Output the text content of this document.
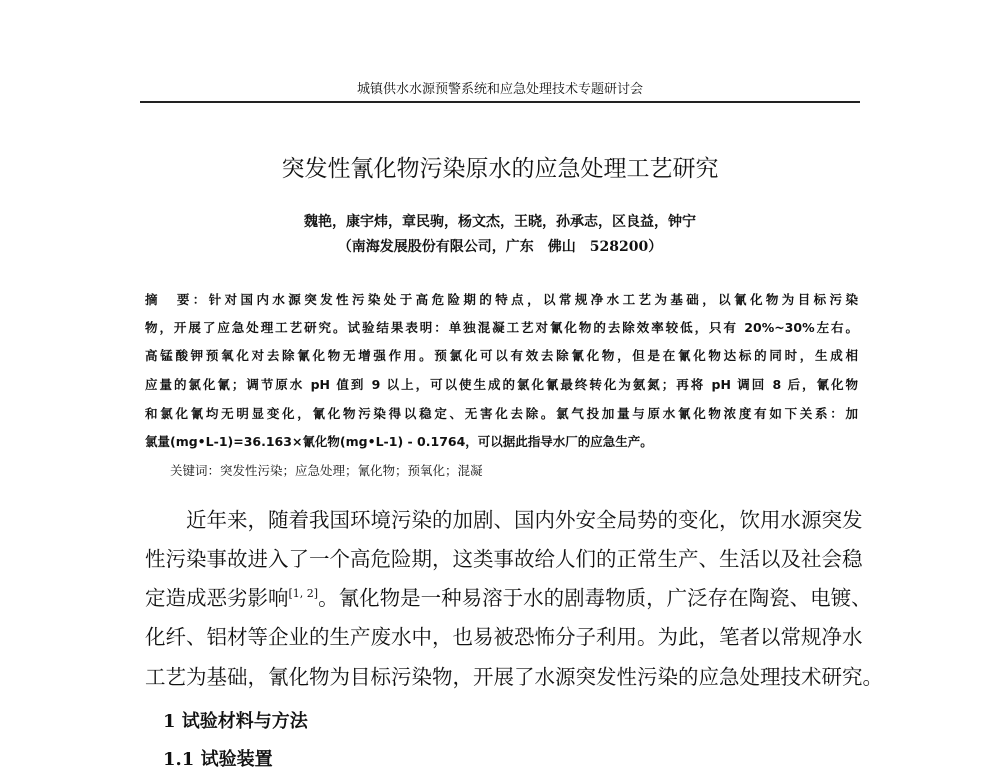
城镇供水水源预警系统和应急处理技术专题研讨会
突发性氰化物污染原水的应急处理工艺研究
魏艳，康宇炜，章民驹，杨文杰，王晓，孙承志，区良益，钟宁
（南海发展股份有限公司，广东　佛山　528200）
摘　要：针对国内水源突发性污染处于高危险期的特点，以常规净水工艺为基础，以氰化物为目标污染
物，开展了应急处理工艺研究。试验结果表明：单独混凝工艺对氰化物的去除效率较低，只有 20%~30%左右。
高锰酸钾预氧化对去除氰化物无增强作用。预氯化可以有效去除氰化物，但是在氰化物达标的同时，生成相
应量的氯化氰；调节原水 pH 值到 9 以上，可以使生成的氯化氰最终转化为氨氮；再将 pH 调回 8 后，氰化物
和氯化氰均无明显变化，氰化物污染得以稳定、无害化去除。氯气投加量与原水氰化物浓度有如下关系：加
氯量(mg•L-1)=36.163×氰化物(mg•L-1) - 0.1764，可以据此指导水厂的应急生产。
关键词：突发性污染；应急处理；氰化物；预氧化；混凝
近年来，随着我国环境污染的加剧、国内外安全局势的变化，饮用水源突发
性污染事故进入了一个高危险期，这类事故给人们的正常生产、生活以及社会稳
定造成恶劣影响[1, 2]。氰化物是一种易溶于水的剧毒物质，广泛存在陶瓷、电镀、
化纤、铝材等企业的生产废水中，也易被恐怖分子利用。为此，笔者以常规净水
工艺为基础，氰化物为目标污染物，开展了水源突发性污染的应急处理技术研究。
1 试验材料与方法
1.1 试验装置
